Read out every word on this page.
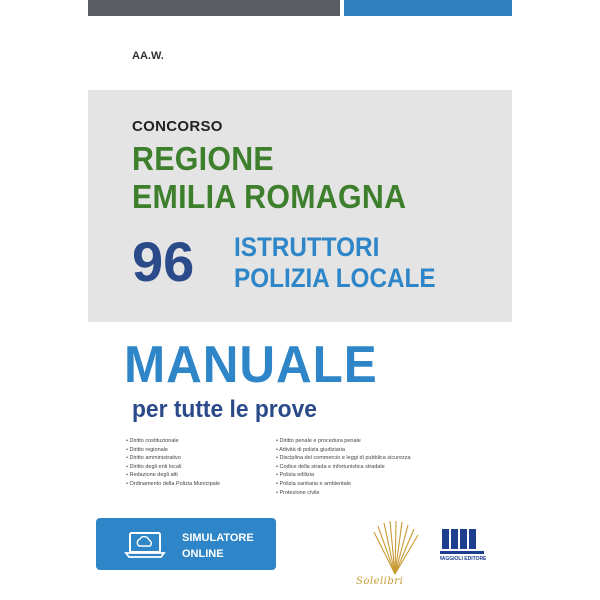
AA.W.
CONCORSO
REGIONE
EMILIA ROMAGNA
96 ISTRUTTORI
POLIZIA LOCALE
MANUALE
per tutte le prove
• Diritto costituzionale
• Diritto regionale
• Diritto amministrativo
• Diritto degli enti locali
• Redazione degli atti
• Ordinamento della Polizia Municipale
• Diritto penale e procedura penale
• Attività di polizia giudiziaria
• Disciplina del commercio e leggi di pubblica sicurezza
• Codice della strada e infortunistica stradale
• Polizia edilizia
• Polizia sanitaria e ambientale
• Protezione civile
SIMULATORE
ONLINE
Solelibri
MAGGIOLI EDITORE
